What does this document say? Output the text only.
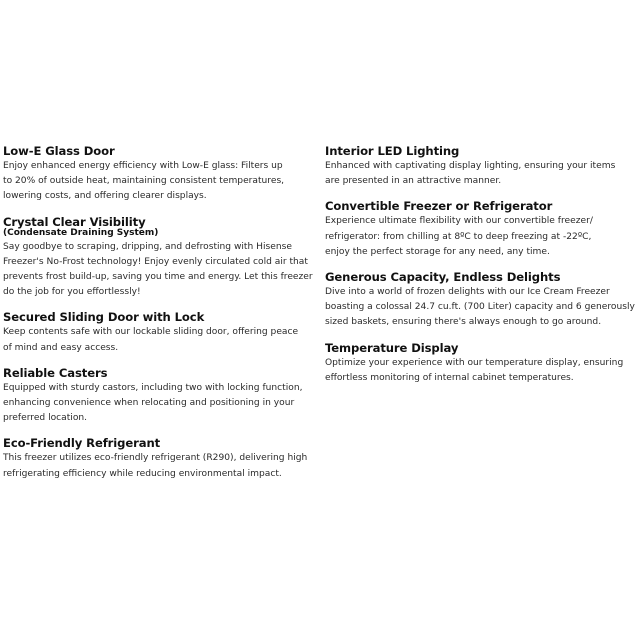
Low-E Glass Door

Enjoy enhanced energy efficiency with Low-E glass: Filters up
to 20% of outside heat, maintaining consistent temperatures,
lowering costs, and offering clearer displays.

Crystal Clear Visibility
(Condensate Draining System)

Say goodbye to scraping, dripping, and defrosting with Hisense
Freezer's No-Frost technology! Enjoy evenly circulated cold air that
prevents frost build-up, saving you time and energy. Let this freezer
do the job for you effortlessly!

Secured Sliding Door with Lock

Keep contents safe with our lockable sliding door, offering peace
of mind and easy access.

Reliable Casters

Equipped with sturdy castors, including two with locking function,
enhancing convenience when relocating and positioning in your
preferred location.

Eco-Friendly Refrigerant

This freezer utilizes eco-friendly refrigerant (R290), delivering high
refrigerating efficiency while reducing environmental impact.

Interior LED Lighting

Enhanced with captivating display lighting, ensuring your items
are presented in an attractive manner.

Convertible Freezer or Refrigerator

Experience ultimate flexibility with our convertible freezer/
refrigerator: from chilling at 8ºC to deep freezing at -22ºC,
enjoy the perfect storage for any need, any time.

Generous Capacity, Endless Delights

Dive into a world of frozen delights with our Ice Cream Freezer
boasting a colossal 24.7 cu.ft. (700 Liter) capacity and 6 generously
sized baskets, ensuring there's always enough to go around.

Temperature Display

Optimize your experience with our temperature display, ensuring
effortless monitoring of internal cabinet temperatures.
